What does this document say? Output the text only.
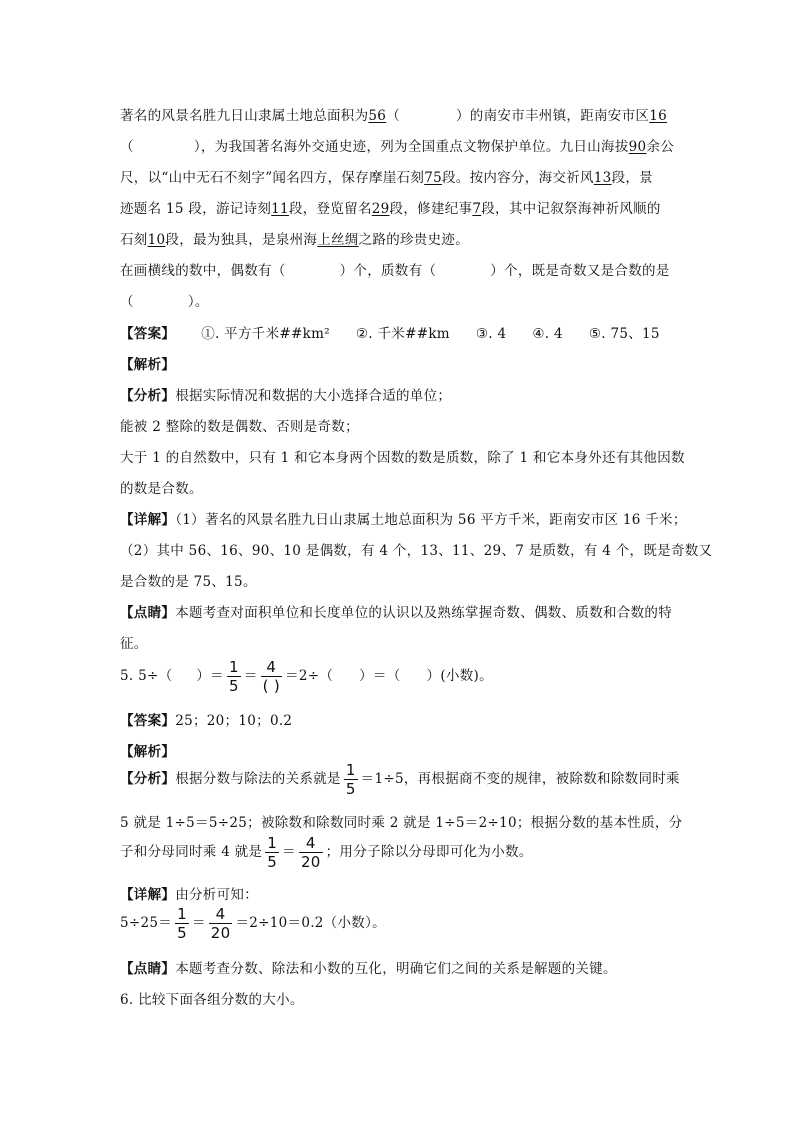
著名的风景名胜九日山隶属土地总面积为56（	）的南安市丰州镇，距南安市区16
（	），为我国著名海外交通史迹，列为全国重点文物保护单位。九日山海拔90余公
尺，以“山中无石不刻字”闻名四方，保存摩崖石刻75段。按内容分，海交祈风13段，景
迹题名 15 段，游记诗刻11段，登览留名29段，修建纪事7段，其中记叙祭海神祈风顺的
石刻10段，最为独具，是泉州海上丝绸之路的珍贵史迹。
在画横线的数中，偶数有（	）个，质数有（	）个，既是奇数又是合数的是
（	）。
【答案】 ①. 平方千米##km² ②. 千米##km ③. 4 ④. 4 ⑤. 75、15
【解析】
【分析】根据实际情况和数据的大小选择合适的单位；
能被 2 整除的数是偶数、否则是奇数；
大于 1 的自然数中，只有 1 和它本身两个因数的数是质数，除了 1 和它本身外还有其他因数
的数是合数。
【详解】（1）著名的风景名胜九日山隶属土地总面积为 56 平方千米，距南安市区 16 千米；
（2）其中 56、16、90、10 是偶数，有 4 个，13、11、29、7 是质数，有 4 个，既是奇数又
是合数的是 75、15。
【点睛】本题考查对面积单位和长度单位的认识以及熟练掌握奇数、偶数、质数和合数的特
征。
5. 5÷（ ）＝ $\frac{1}{5} = \frac{4}{( )} =2\div$（ ）＝（ ）(小数)。
【答案】25；20；10；0.2
【解析】
【分析】根据分数与除法的关系就是 $\frac{1}{5} =1\div 5$，再根据商不变的规律，被除数和除数同时乘
5 就是 1÷5＝5÷25；被除数和除数同时乘 2 就是 1÷5＝2÷10；根据分数的基本性质，分
子和分母同时乘 4 就是 $\frac{1}{5} = \frac{4}{20}$ ；用分子除以分母即可化为小数。
【详解】由分析可知：
$5\div 25= \frac{1}{5} = \frac{4}{20} =2\div 10=0.2$（小数）。
【点睛】本题考查分数、除法和小数的互化，明确它们之间的关系是解题的关键。
6. 比较下面各组分数的大小。
